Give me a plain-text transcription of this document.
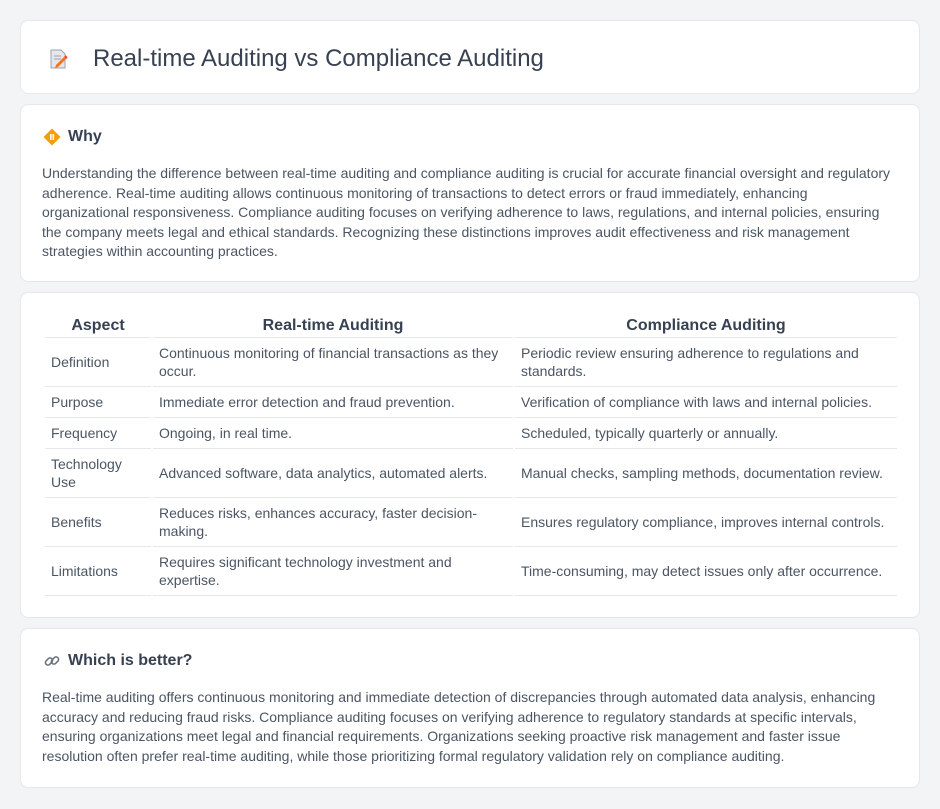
Real-time Auditing vs Compliance Auditing
Why

Understanding the difference between real-time auditing and compliance auditing is crucial for accurate financial oversight and regulatory adherence. Real-time auditing allows continuous monitoring of transactions to detect errors or fraud immediately, enhancing organizational responsiveness. Compliance auditing focuses on verifying adherence to laws, regulations, and internal policies, ensuring the company meets legal and ethical standards. Recognizing these distinctions improves audit effectiveness and risk management strategies within accounting practices.

Aspect	Real-time Auditing	Compliance Auditing
Definition	Continuous monitoring of financial transactions as they occur.	Periodic review ensuring adherence to regulations and standards.
Purpose	Immediate error detection and fraud prevention.	Verification of compliance with laws and internal policies.
Frequency	Ongoing, in real time.	Scheduled, typically quarterly or annually.
Technology Use	Advanced software, data analytics, automated alerts.	Manual checks, sampling methods, documentation review.
Benefits	Reduces risks, enhances accuracy, faster decision-making.	Ensures regulatory compliance, improves internal controls.
Limitations	Requires significant technology investment and expertise.	Time-consuming, may detect issues only after occurrence.
Which is better?

Real-time auditing offers continuous monitoring and immediate detection of discrepancies through automated data analysis, enhancing accuracy and reducing fraud risks. Compliance auditing focuses on verifying adherence to regulatory standards at specific intervals, ensuring organizations meet legal and financial requirements. Organizations seeking proactive risk management and faster issue resolution often prefer real-time auditing, while those prioritizing formal regulatory validation rely on compliance auditing.
